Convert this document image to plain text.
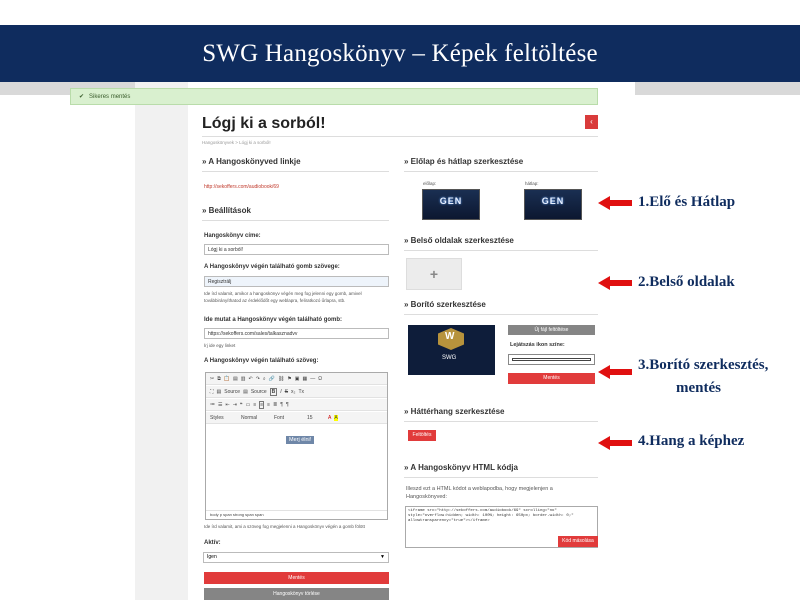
SWG Hangoskönyv – Képek feltöltése
✔ Sikeres mentés
Lógj ki a sorból!	‹
Hangoskönyvek > Lógj ki a sorból!
» A Hangoskönyved linkje
http://sekoffers.com/audiobook/69
» Beállítások
Hangoskönyv címe:
Lógj ki a sorból!
A Hangoskönyv végén található gomb szövege:
Regisztrálj
Ide írd valamit, amikor a hangoskönyv végén meg fog jelenni egy gomb, amivel
továbbirányíthatod az érdeklődőt egy weblapra, feliratkozó űrlapra, stb.
Ide mutat a Hangoskönyv végén található gomb:
https://sekoffers.com/sales/talkasznadvv
Írj ide egy linket
A Hangoskönyv végén található szöveg:
✂ ⧉ 📋 ▤ ▥ ↶ ↷ ⌕ 🔗 ⛓ ⚑ ▣ ▦ ― Ω
⛶ ▤ Source ▤ Source	B	I S x₂ Tx
≔ ☰ ⇤ ⇥ ❝ ▭ ≡ ≡ ≡ ≣ ¶ ¶
Styles	Normal	Font	15	A A
Merj élni!
body p span strong span span
Ide írd valamit, ami a szöveg fog megjelenni a Hangoskönyv végén a gomb fölött
Aktív:
Igen	▼
Mentés
Hangoskönyv törlése
» Előlap és hátlap szerkesztése
előlap:	hátlap:
GEN	GEN
» Belső oldalak szerkesztése
+
» Borító szerkesztése
W
SWG
Új fájl feltöltése
Lejátszás ikon színe:
Mentés
» Háttérhang szerkesztése
Feltöltés
» A Hangoskönyv HTML kódja
Illeszd ezt a HTML kódot a weblapodba, hogy megjelenjen a
Hangoskönyved:
<iframe src="http://sekoffers.com/audiobook/69" scrolling="no" style="overflow:hidden; width: 100%; height: 650px; border-width: 0;" allowtransparency="true"></iframe>
Kód másolása
1.Elő és Hátlap
2.Belső oldalak
3.Borító szerkesztés,
mentés
4.Hang a képhez
